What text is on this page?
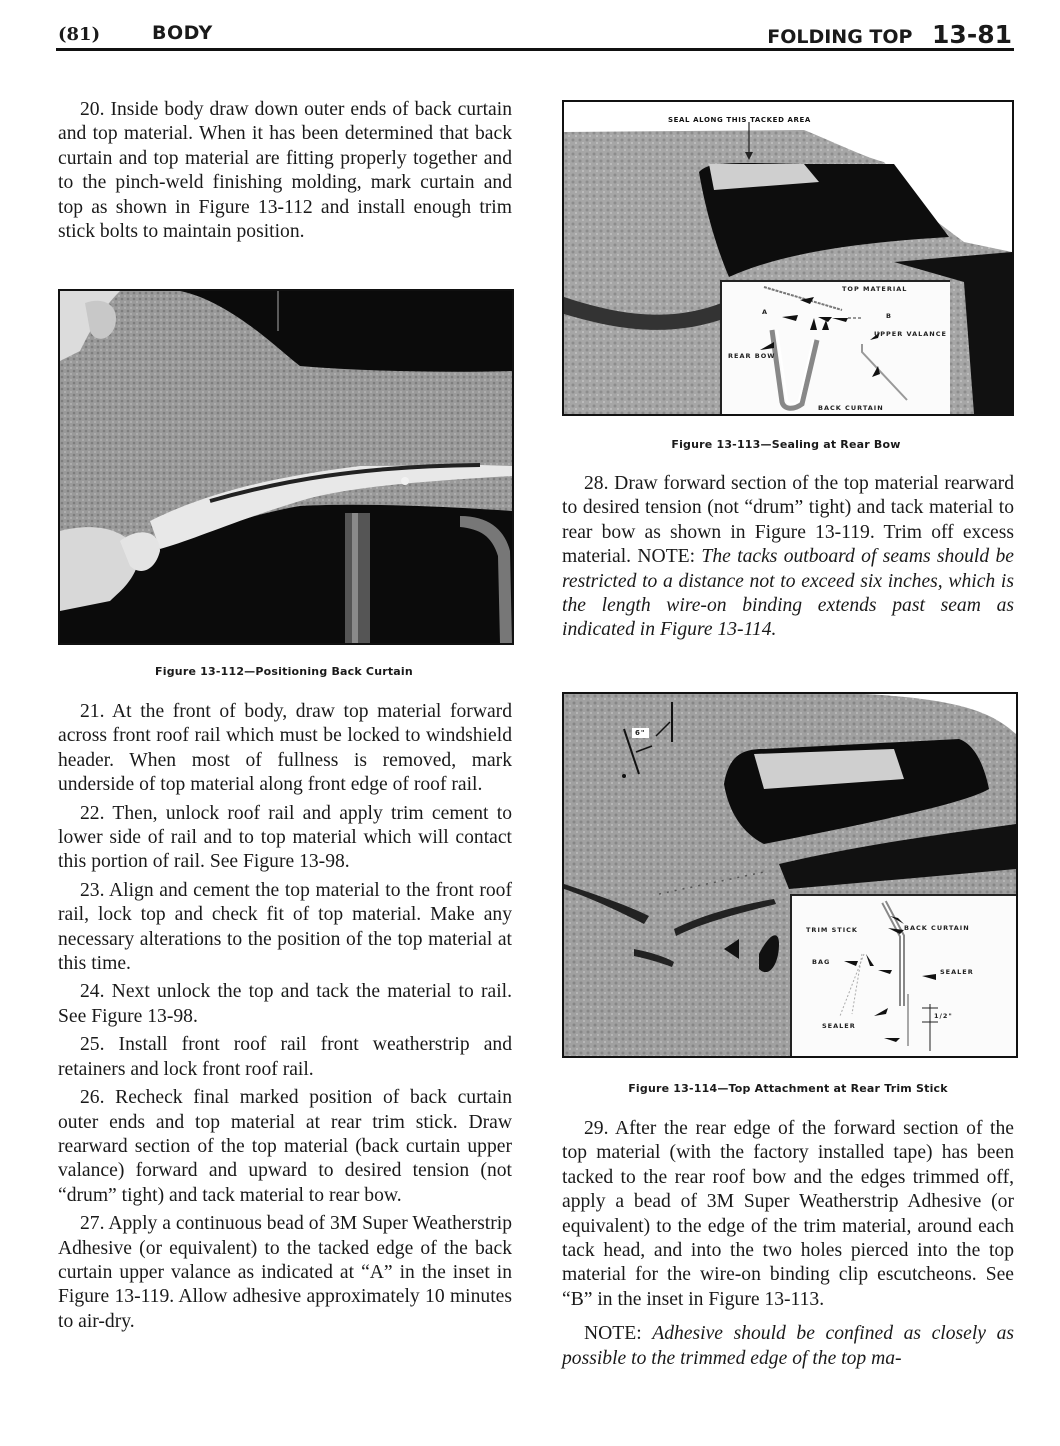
(81)	BODY	FOLDING TOP 13-81

20. Inside body draw down outer ends of back curtain and top material. When it has been determined that back curtain and top material are fitting properly together and to the pinch-weld finishing molding, mark curtain and top as shown in Figure 13-112 and install enough trim stick bolts to maintain position.

Figure 13-112—Positioning Back Curtain

21. At the front of body, draw top material forward across front roof rail which must be locked to windshield header. When most of fullness is removed, mark underside of top material along front edge of roof rail.

22. Then, unlock roof rail and apply trim cement to lower side of rail and to top material which will contact this portion of rail. See Figure 13-98.

23. Align and cement the top material to the front roof rail, lock top and check fit of top material. Make any necessary alterations to the position of the top material at this time.

24. Next unlock the top and tack the material to rail. See Figure 13-98.

25. Install front roof rail front weatherstrip and retainers and lock front roof rail.

26. Recheck final marked position of back curtain outer ends and top material at rear trim stick. Draw rearward section of the top material (back curtain upper valance) forward and upward to desired tension (not “drum” tight) and tack material to rear bow.

27. Apply a continuous bead of 3M Super Weatherstrip Adhesive (or equivalent) to the tacked edge of the back curtain upper valance as indicated at “A” in the inset in Figure 13-119. Allow adhesive approximately 10 minutes to air-dry.

SEAL ALONG THIS TACKED AREA
TOP MATERIAL
A	B
UPPER VALANCE
REAR BOW
BACK CURTAIN
Figure 13-113—Sealing at Rear Bow

28. Draw forward section of the top material rearward to desired tension (not “drum” tight) and tack material to rear bow as shown in Figure 13-119. Trim off excess material. NOTE: The tacks outboard of seams should be restricted to a distance not to exceed six inches, which is the length wire-on binding extends past seam as indicated in Figure 13-114.

6"
TRIM STICK	BACK CURTAIN
BAG
SEALER
SEALER
1/2"
Figure 13-114—Top Attachment at Rear Trim Stick

29. After the rear edge of the forward section of the top material (with the factory installed tape) has been tacked to the rear roof bow and the edges trimmed off, apply a bead of 3M Super Weatherstrip Adhesive (or equivalent) to the edge of the trim material, around each tack head, and into the two holes pierced into the top material for the wire-on binding clip escutcheons. See “B” in the inset in Figure 13-113.

NOTE: Adhesive should be confined as closely as possible to the trimmed edge of the top ma-
